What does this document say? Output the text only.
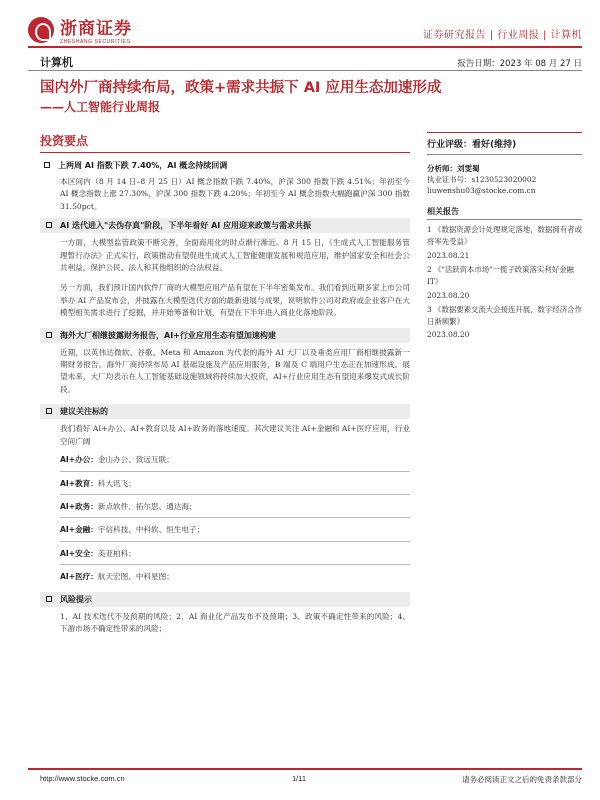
浙商证券
ZHESHANG SECURITIES
证券研究报告 | 行业周报 | 计算机
计算机	报告日期：2023 年 08 月 27 日
国内外厂商持续布局，政策+需求共振下 AI 应用生态加速形成
——人工智能行业周报
投资要点
上两周 AI 指数下跌 7.40%，AI 概念持续回调

本区间内（8 月 14 日–8 月 25 日）AI 概念指数下跌 7.40%，沪深 300 指数下跌 4.51%；年初至今 AI 概念指数上涨 27.30%，沪深 300 指数下跌 4.20%；年初至今 AI 概念指数大幅跑赢沪深 300 指数 31.50pct。

AI 迭代进入"去伪存真"阶段，下半年看好 AI 应用迎来政策与需求共振

一方面，大模型监管政策不断完善，全面商用化的时点渐行渐近。8 月 15 日，《生成式人工智能服务管理暂行办法》正式实行，政策推动有望促进生成式人工智能健康发展和规范应用，维护国家安全和社会公共利益，保护公民、法人和其他组织的合法权益。

另一方面，我们预计国内软件厂商的大模型应用产品有望在下半年密集发布。我们看到近期多家上市公司举办 AI 产品发布会，并披露在大模型迭代方面的最新进展与成果，说明软件公司对政府或企业客户在大模型相关需求进行了挖掘，并开始筹备和计划，有望在下半年进入商业化落地阶段。

海外大厂相继披露财务报告，AI+行业应用生态有望加速构建

近期，以英伟达微软、谷歌、Meta 和 Amazon 为代表的海外 AI 大厂以及垂类应用厂商相继披露新一期财务报告。海外厂商持续布局 AI 基础设施及产品应用服务，B 端及 C 端用户生态正在加速形成。展望未来，大厂均表示在人工智能基础设施领域将持续加大投资，AI+行业应用生态有望迎来爆发式成长阶段。

建议关注标的

我们看好 AI+办公、AI+教育以及 AI+政务的落地速度。其次建议关注 AI+金融和 AI+医疗应用，行业空间广阔

AI+办公：金山办公、致远互联；
AI+教育：科大讯飞；
AI+政务：新点软件、拓尔思、通达海；
AI+金融：宇信科技、中科软、恒生电子；
AI+安全：美亚柏科；
AI+医疗：航天宏图、中科星图；
风险提示

1、AI 技术迭代不及预期的风险；2、AI 商业化产品发布不及预期；3、政策不确定性带来的风险；4、下游市场不确定性带来的风险；

行业评级：看好(维持)
分析师：刘雯蜀
执业证书号：s1230523020002
liuwenshu03@stocke.com.cn
相关报告
1 《数据资源会计处理规定落地，数据拥有者或将率先受益》
2023.08.21
2 《"活跃资本市场"一揽子政策落实利好金融 IT》
2023.08.20
3 《数据要素交流大会接连开展，数字经济合作日渐频繁》
2023.08.20
http://www.stocke.com.cn	1/11	请务必阅读正文之后的免责条款部分
